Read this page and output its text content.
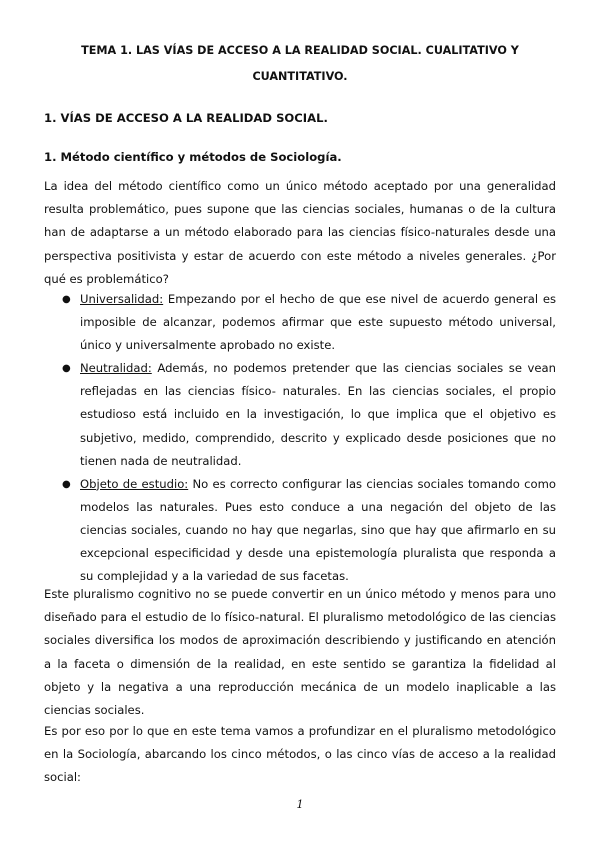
TEMA 1. LAS VÍAS DE ACCESO A LA REALIDAD SOCIAL. CUALITATIVO Y
CUANTITATIVO.
1. VÍAS DE ACCESO A LA REALIDAD SOCIAL.
1. Método científico y métodos de Sociología.
La idea del método científico como un único método aceptado por una generalidad resulta problemático, pues supone que las ciencias sociales, humanas o de la cultura han de adaptarse a un método elaborado para las ciencias físico-naturales desde una perspectiva positivista y estar de acuerdo con este método a niveles generales. ¿Por qué es problemático?
● Universalidad: Empezando por el hecho de que ese nivel de acuerdo general es imposible de alcanzar, podemos afirmar que este supuesto método universal, único y universalmente aprobado no existe.
● Neutralidad: Además, no podemos pretender que las ciencias sociales se vean reflejadas en las ciencias físico- naturales. En las ciencias sociales, el propio estudioso está incluido en la investigación, lo que implica que el objetivo es subjetivo, medido, comprendido, descrito y explicado desde posiciones que no tienen nada de neutralidad.
● Objeto de estudio: No es correcto configurar las ciencias sociales tomando como modelos las naturales. Pues esto conduce a una negación del objeto de las ciencias sociales, cuando no hay que negarlas, sino que hay que afirmarlo en su excepcional especificidad y desde una epistemología pluralista que responda a su complejidad y a la variedad de sus facetas.
Este pluralismo cognitivo no se puede convertir en un único método y menos para uno diseñado para el estudio de lo físico-natural. El pluralismo metodológico de las ciencias sociales diversifica los modos de aproximación describiendo y justificando en atención a la faceta o dimensión de la realidad, en este sentido se garantiza la fidelidad al objeto y la negativa a una reproducción mecánica de un modelo inaplicable a las ciencias sociales.
Es por eso por lo que en este tema vamos a profundizar en el pluralismo metodológico en la Sociología, abarcando los cinco métodos, o las cinco vías de acceso a la realidad social:
1
